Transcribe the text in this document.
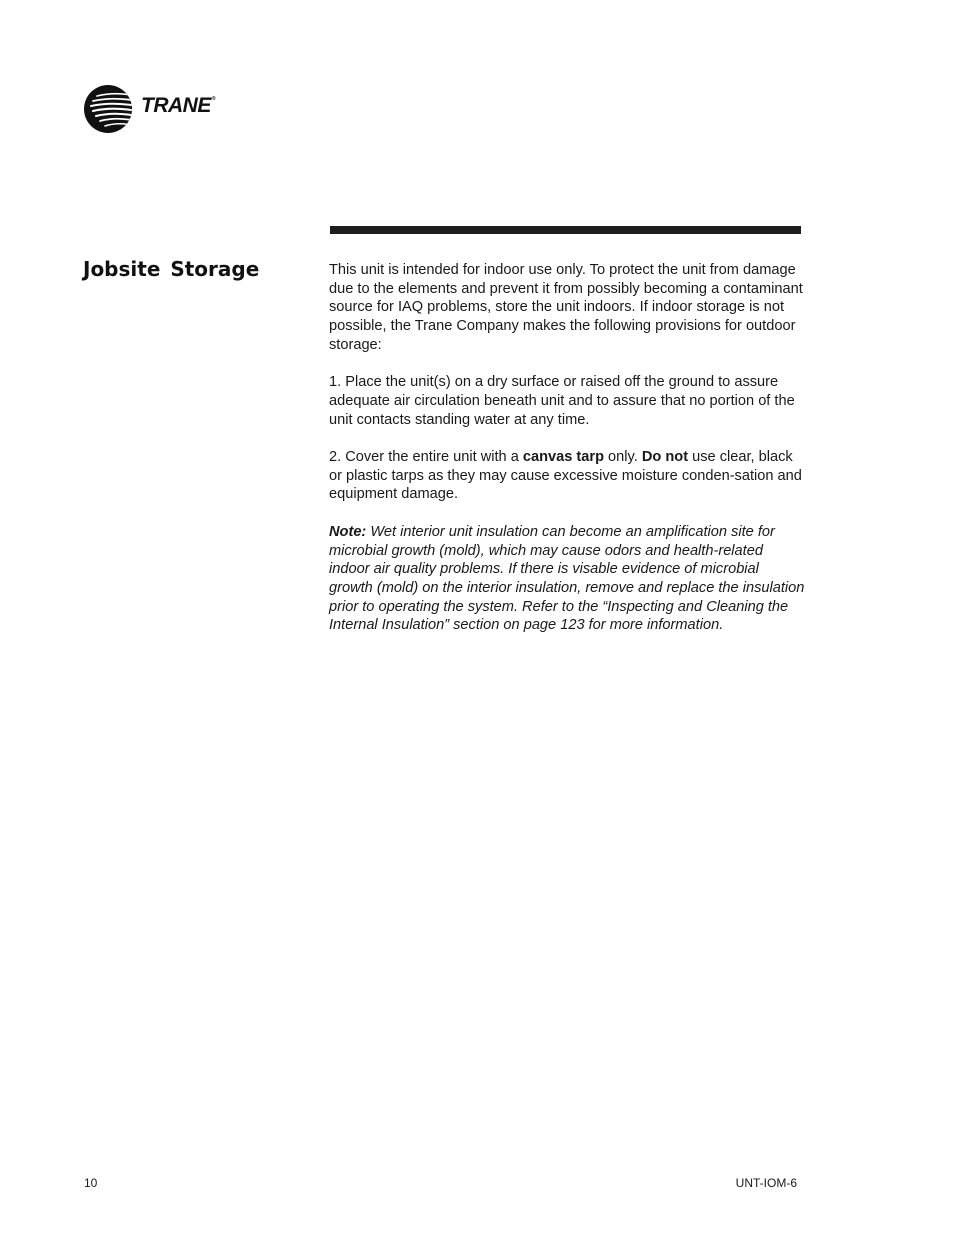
TRANE®
Jobsite Storage	This unit is intended for indoor use only. To protect the unit from damage due to the elements and prevent it from possibly becoming a contaminant source for IAQ problems, store the unit indoors. If indoor storage is not possible, the Trane Company makes the following provisions for outdoor storage:

1. Place the unit(s) on a dry surface or raised off the ground to assure adequate air circulation beneath unit and to assure that no portion of the unit contacts standing water at any time.

2. Cover the entire unit with a canvas tarp only. Do not use clear, black or plastic tarps as they may cause excessive moisture conden-sation and equipment damage.

Note: Wet interior unit insulation can become an amplification site for microbial growth (mold), which may cause odors and health-related indoor air quality problems. If there is visable evidence of microbial growth (mold) on the interior insulation, remove and replace the insulation prior to operating the system. Refer to the “Inspecting and Cleaning the Internal Insulation” section on page 123 for more information.

10	UNT-IOM-6
